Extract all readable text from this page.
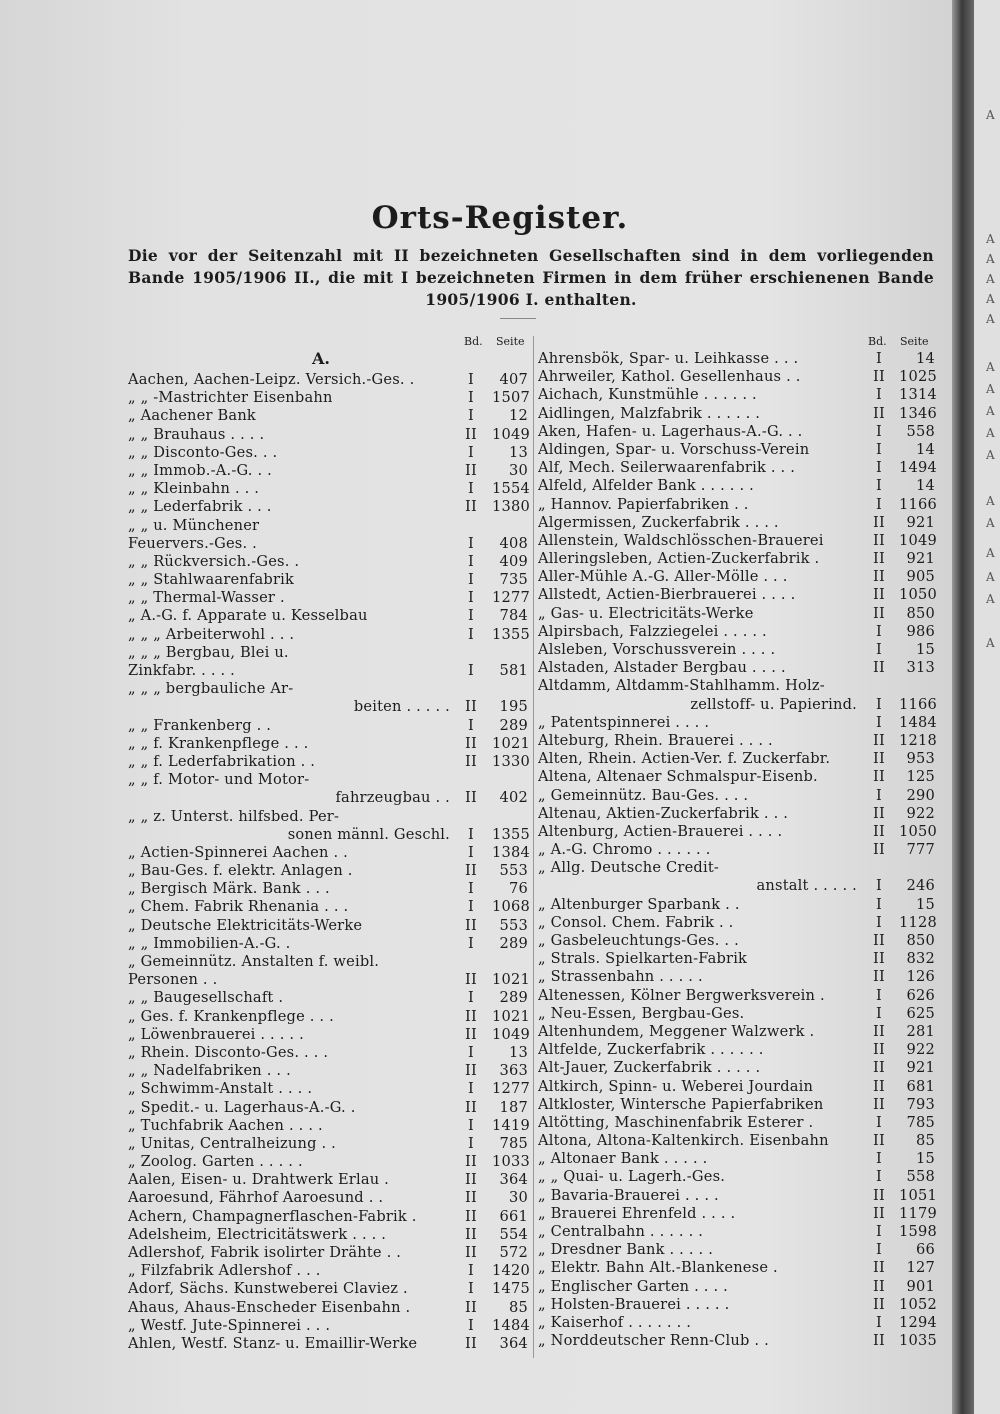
Orts-Register.
Die vor der Seitenzahl mit II bezeichneten Gesellschaften sind in dem vorliegenden Bande 1905/1906 II., die mit I bezeichneten Firmen in dem früher erschienenen Bande 1905/1906 I. enthalten.
Bd. Seite	Bd. Seite
A.
Aachen, Aachen-Leipz. Versich.-Ges. .	I	407
„ „ -Mastrichter Eisenbahn	I	1507
„ Aachener Bank	I	12
„ „ Brauhaus . . . .	II	1049
„ „ Disconto-Ges. . .	I	13
„ „ Immob.-A.-G. . .	II	30
„ „ Kleinbahn . . .	I	1554
„ „ Lederfabrik . . .	II	1380
„ „ u. Münchener
Feuervers.-Ges. .	I	408
„ „ Rückversich.-Ges. .	I	409
„ „ Stahlwaarenfabrik	I	735
„ „ Thermal-Wasser .	I	1277
„ A.-G. f. Apparate u. Kesselbau	I	784
„ „ „ Arbeiterwohl . . .	I	1355
„ „ „ Bergbau, Blei u.
Zinkfabr. . . . .	I	581
„ „ „ bergbauliche Ar-
beiten . . . . .	II	195
„ „ Frankenberg . .	I	289
„ „ f. Krankenpflege . . .	II	1021
„ „ f. Lederfabrikation . .	II	1330
„ „ f. Motor- und Motor-
fahrzeugbau . .	II	402
„ „ z. Unterst. hilfsbed. Per-
sonen männl. Geschl.	I	1355
„ Actien-Spinnerei Aachen . .	I	1384
„ Bau-Ges. f. elektr. Anlagen .	II	553
„ Bergisch Märk. Bank . . .	I	76
„ Chem. Fabrik Rhenania . . .	I	1068
„ Deutsche Elektricitäts-Werke	II	553
„ „ Immobilien-A.-G. .	I	289
„ Gemeinnütz. Anstalten f. weibl.
Personen . .	II	1021
„ „ Baugesellschaft .	I	289
„ Ges. f. Krankenpflege . . .	II	1021
„ Löwenbrauerei . . . . .	II	1049
„ Rhein. Disconto-Ges. . . .	I	13
„ „ Nadelfabriken . . .	II	363
„ Schwimm-Anstalt . . . .	I	1277
„ Spedit.- u. Lagerhaus-A.-G. .	II	187
„ Tuchfabrik Aachen . . . .	I	1419
„ Unitas, Centralheizung . .	I	785
„ Zoolog. Garten . . . . .	II	1033
Aalen, Eisen- u. Drahtwerk Erlau .	II	364
Aaroesund, Fährhof Aaroesund . .	II	30
Achern, Champagnerflaschen-Fabrik .	II	661
Adelsheim, Electricitätswerk . . . .	II	554
Adlershof, Fabrik isolirter Drähte . .	II	572
„ Filzfabrik Adlershof . . .	I	1420
Adorf, Sächs. Kunstweberei Claviez .	I	1475
Ahaus, Ahaus-Enscheder Eisenbahn .	II	85
„ Westf. Jute-Spinnerei . . .	I	1484
Ahlen, Westf. Stanz- u. Emaillir-Werke	II	364
Ahrensbök, Spar- u. Leihkasse . . .	I	14
Ahrweiler, Kathol. Gesellenhaus . .	II 1025
Aichach, Kunstmühle . . . . . .	I	1314
Aidlingen, Malzfabrik . . . . . .	II 1346
Aken, Hafen- u. Lagerhaus-A.-G. . .	I	558
Aldingen, Spar- u. Vorschuss-Verein	I	14
Alf, Mech. Seilerwaarenfabrik . . .	I	1494
Alfeld, Alfelder Bank . . . . . .	I	14
„ Hannov. Papierfabriken . .	I	1166
Algermissen, Zuckerfabrik . . . .	II	921
Allenstein, Waldschlösschen-Brauerei	II 1049
Alleringsleben, Actien-Zuckerfabrik .	II	921
Aller-Mühle A.-G. Aller-Mölle . . .	II	905
Allstedt, Actien-Bierbrauerei . . . .	II 1050
„ Gas- u. Electricitäts-Werke	II	850
Alpirsbach, Falzziegelei . . . . .	I	986
Alsleben, Vorschussverein . . . .	I	15
Alstaden, Alstader Bergbau . . . .	II	313
Altdamm, Altdamm-Stahlhamm. Holz-
zellstoff- u. Papierind.	I	1166
„ Patentspinnerei . . . .	I	1484
Alteburg, Rhein. Brauerei . . . .	II 1218
Alten, Rhein. Actien-Ver. f. Zuckerfabr.	II	953
Altena, Altenaer Schmalspur-Eisenb.	II	125
„ Gemeinnütz. Bau-Ges. . . .	I	290
Altenau, Aktien-Zuckerfabrik . . .	II	922
Altenburg, Actien-Brauerei . . . .	II 1050
„ A.-G. Chromo . . . . . .	II	777
„ Allg. Deutsche Credit-
anstalt . . . . .	I	246
„ Altenburger Sparbank . .	I	15
„ Consol. Chem. Fabrik . .	I	1128
„ Gasbeleuchtungs-Ges. . .	II	850
„ Strals. Spielkarten-Fabrik	II	832
„ Strassenbahn . . . . .	II	126
Altenessen, Kölner Bergwerksverein .	I	626
„ Neu-Essen, Bergbau-Ges.	I	625
Altenhundem, Meggener Walzwerk .	II	281
Altfelde, Zuckerfabrik . . . . . .	II	922
Alt-Jauer, Zuckerfabrik . . . . .	II	921
Altkirch, Spinn- u. Weberei Jourdain	II	681
Altkloster, Wintersche Papierfabriken	II	793
Altötting, Maschinenfabrik Esterer .	I	785
Altona, Altona-Kaltenkirch. Eisenbahn	II	85
„ Altonaer Bank . . . . .	I	15
„ „ Quai- u. Lagerh.-Ges.	I	558
„ Bavaria-Brauerei . . . .	II 1051
„ Brauerei Ehrenfeld . . . .	II 1179
„ Centralbahn . . . . . .	I	1598
„ Dresdner Bank . . . . .	I	66
„ Elektr. Bahn Alt.-Blankenese .	II	127
„ Englischer Garten . . . .	II	901
„ Holsten-Brauerei . . . . .	II 1052
„ Kaiserhof . . . . . . .	I	1294
„ Norddeutscher Renn-Club . .	II 1035
A
A
A
A
A
A
A
A
A
A
A
A
A
A
A
A
A
